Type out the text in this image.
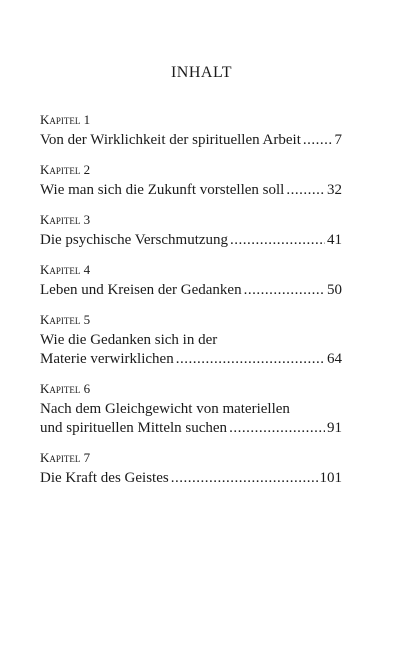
INHALT
Kapitel 1
Von der Wirklichkeit der spirituellen Arbeit ..... 7
Kapitel 2
Wie man sich die Zukunft vorstellen soll .....	32
Kapitel 3
Die psychische Verschmutzung .....	41
Kapitel 4
Leben und Kreisen der Gedanken .....	50
Kapitel 5
Wie die Gedanken sich in der
Materie verwirklichen .....	64
Kapitel 6
Nach dem Gleichgewicht von materiellen
und spirituellen Mitteln suchen .....	91
Kapitel 7
Die Kraft des Geistes .....	101
